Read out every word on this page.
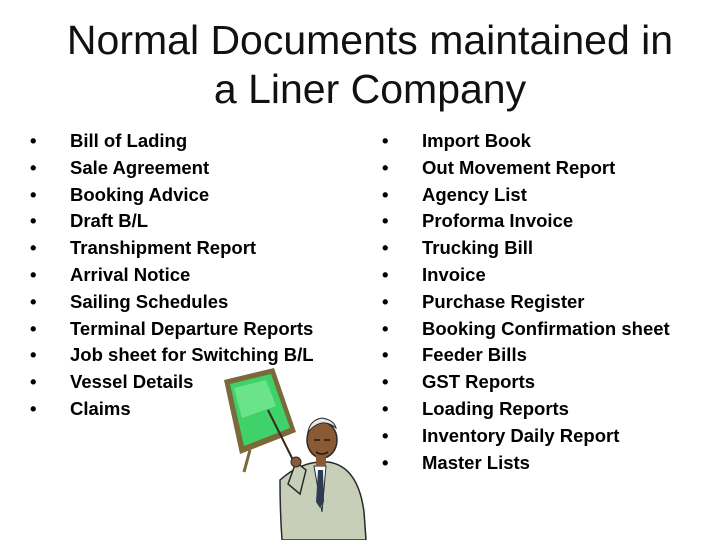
Normal Documents maintained in
a Liner Company
• Bill of Lading
• Sale Agreement
• Booking Advice
• Draft B/L
• Transhipment Report
• Arrival Notice
• Sailing Schedules
• Terminal Departure Reports
• Job sheet for Switching B/L
• Vessel Details
• Claims
• Import Book
• Out Movement Report
• Agency List
• Proforma Invoice
• Trucking Bill
• Invoice
• Purchase Register
• Booking Confirmation sheet
• Feeder Bills
• GST Reports
• Loading Reports
• Inventory Daily Report
• Master Lists
